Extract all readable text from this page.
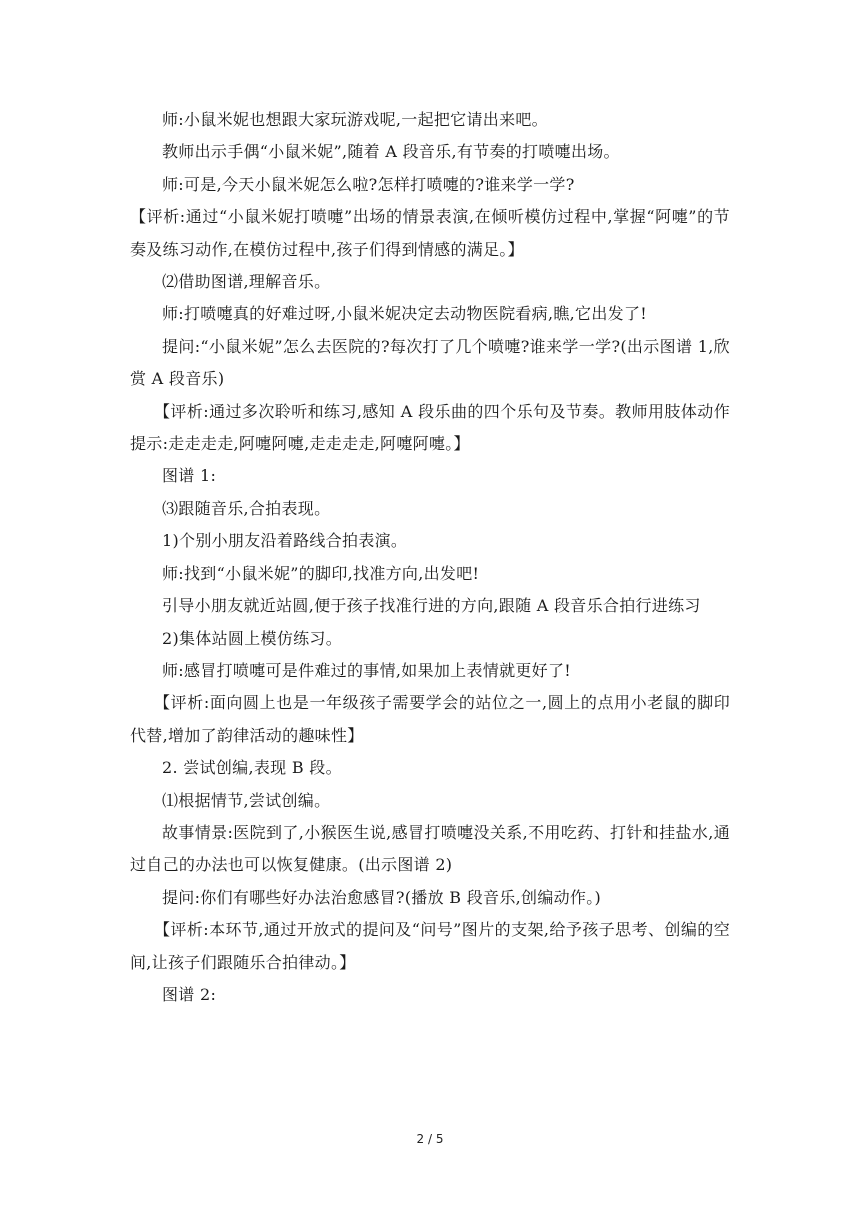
师:小鼠米妮也想跟大家玩游戏呢,一起把它请出来吧。

教师出示手偶“小鼠米妮”,随着 A 段音乐,有节奏的打喷嚏出场。

师:可是,今天小鼠米妮怎么啦?怎样打喷嚏的?谁来学一学?

【评析:通过“小鼠米妮打喷嚏”出场的情景表演,在倾听模仿过程中,掌握“阿嚏”的节奏及练习动作,在模仿过程中,孩子们得到情感的满足。】

⑵借助图谱,理解音乐。

师:打喷嚏真的好难过呀,小鼠米妮决定去动物医院看病,瞧,它出发了!

提问:“小鼠米妮”怎么去医院的?每次打了几个喷嚏?谁来学一学?(出示图谱 1,欣赏 A 段音乐)

【评析:通过多次聆听和练习,感知 A 段乐曲的四个乐句及节奏。教师用肢体动作提示:走走走走,阿嚏阿嚏,走走走走,阿嚏阿嚏。】

图谱 1:

⑶跟随音乐,合拍表现。

1)个别小朋友沿着路线合拍表演。

师:找到“小鼠米妮”的脚印,找准方向,出发吧!

引导小朋友就近站圆,便于孩子找准行进的方向,跟随 A 段音乐合拍行进练习

2)集体站圆上模仿练习。

师:感冒打喷嚏可是件难过的事情,如果加上表情就更好了!

【评析:面向圆上也是一年级孩子需要学会的站位之一,圆上的点用小老鼠的脚印代替,增加了韵律活动的趣味性】

2. 尝试创编,表现 B 段。

⑴根据情节,尝试创编。

故事情景:医院到了,小猴医生说,感冒打喷嚏没关系,不用吃药、打针和挂盐水,通过自己的办法也可以恢复健康。(出示图谱 2)

提问:你们有哪些好办法治愈感冒?(播放 B 段音乐,创编动作。)

【评析:本环节,通过开放式的提问及“问号”图片的支架,给予孩子思考、创编的空间,让孩子们跟随乐合拍律动。】

图谱 2:

2 / 5
